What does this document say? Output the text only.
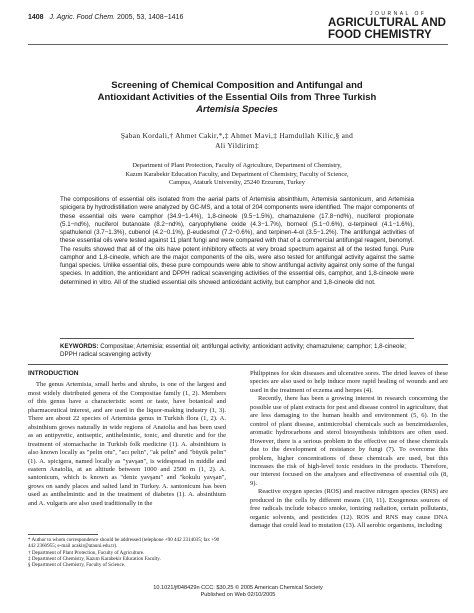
1408 J. Agric. Food Chem. 2005, 53, 1408−1416	JOURNAL OF
AGRICULTURAL AND
FOOD CHEMISTRY
Screening of Chemical Composition and Antifungal and
Antioxidant Activities of the Essential Oils from Three Turkish
Artemisia Species
Şaban Kordali,† Ahmet Cakir,*,‡ Ahmet Mavi,‡ Hamdullah Kilic,§ and
Ali Yildirim‡
Department of Plant Protection, Faculty of Agriculture, Department of Chemistry,
Kazım Karabekir Education Faculty, and Department of Chemistry, Faculty of Science,
Campus, Ataturk University, 25240 Erzurum, Turkey
The compositions of essential oils isolated from the aerial parts of Artemisia absinthium, Artemisia santonicum, and Artemisia spicigera by hydrodistillation were analyzed by GC-MS, and a total of 204 components were identified. The major components of these essential oils were camphor (34.9−1.4%), 1,8-cineole (9.5−1.5%), chamazulene (17.8−nd%), nuciferol propionate (5.1−nd%), nuciferol butanoate (8.2−nd%), caryophyllene oxide (4.3−1.7%), borneol (5.1−0.6%), α-terpineol (4.1−1.6%), spathulenol (3.7−1.3%), cubenol (4.2−0.1%), β-eudesmol (7.2−0.6%), and terpinen-4-ol (3.5−1.2%). The antifungal activities of these essential oils were tested against 11 plant fungi and were compared with that of a commercial antifungal reagent, benomyl. The results showed that all of the oils have potent inhibitory effects at very broad spectrum against all of the tested fungi. Pure camphor and 1,8-cineole, which are the major components of the oils, were also tested for antifungal activity against the same fungal species. Unlike essential oils, these pure compounds were able to show antifungal activity against only some of the fungal species. In addition, the antioxidant and DPPH radical scavenging activities of the essential oils, camphor, and 1,8-cineole were determined in vitro. All of the studied essential oils showed antioxidant activity, but camphor and 1,8-cineole did not.
KEYWORDS: Compositae; Artemisia; essential oil; antifungal activity; antioxidant activity; chamazulene; camphor; 1,8-cineole; DPPH radical scavenging activity
INTRODUCTION

The genus Artemisia, small herbs and shrubs, is one of the largest and most widely distributed genera of the Compositae family (1, 2). Members of this genus have a characteristic scent or taste, have botanical and pharmaceutical interest, and are used in the liquor-making industry (1, 3). There are about 22 species of Artemisia genus in Turkish flora (1, 2). A. absinthium grows naturally in wide regions of Anatolia and has been used as an antipyretic, antiseptic, antihelmintic, tonic, and diuretic and for the treatment of stomachache in Turkish folk medicine (1). A. absinthium is also known locally as "pelin otu", "acı pelin", "ak pelin" and "büyük pelin" (1). A. spicigera, named locally as "yavşan", is widespread in middle and eastern Anatolia, at an altitude between 1000 and 2500 m (1, 2). A. santonicum, which is known as "deniz yavşanı" and "kokulu yavşan", grows on sandy places and salted land in Turkey. A. santonicum has been used as antihelmintic and in the treatment of diabetes (1). A. absinthium and A. vulgaris are also used traditionally in the

* Author to whom correspondence should be addressed (telephone +90 442 2314035; fax +90 442 2360955; e-mail acakir@atauni.edu.tr).
† Department of Plant Protection, Faculty of Agriculture.
‡ Department of Chemistry, Kazım Karabekir Education Faculty.
§ Department of Chemistry, Faculty of Science.

Philippines for skin diseases and ulcerative sores. The dried leaves of these species are also used to help induce more rapid healing of wounds and are used in the treatment of eczema and herpes (4).

Recently, there has been a growing interest in research concerning the possible use of plant extracts for pest and disease control in agriculture, that are less damaging to the human health and environment (5, 6). In the control of plant disease, antimicrobial chemicals such as benzimidazoles, aromatic hydrocarbons and sterol biosynthesis inhibitors are often used. However, there is a serious problem in the effective use of these chemicals due to the development of resistance by fungi (7). To overcome this problem, higher concentrations of these chemicals are used, but this increases the risk of high-level toxic residues in the products. Therefore, our interest focused on the analyses and effectiveness of essential oils (8, 9).

Reactive oxygen species (ROS) and reactive nitrogen species (RNS) are produced in the cells by different means (10, 11). Exogenous sources of free radicals include tobacco smoke, ionizing radiation, certain pollutants, organic solvents, and pesticides (12). ROS and RNS may cause DNA damage that could lead to mutation (13). All aerobic organisms, including

10.1021/jf048429n CCC: $30.25 © 2005 American Chemical Society
Published on Web 02/10/2005
